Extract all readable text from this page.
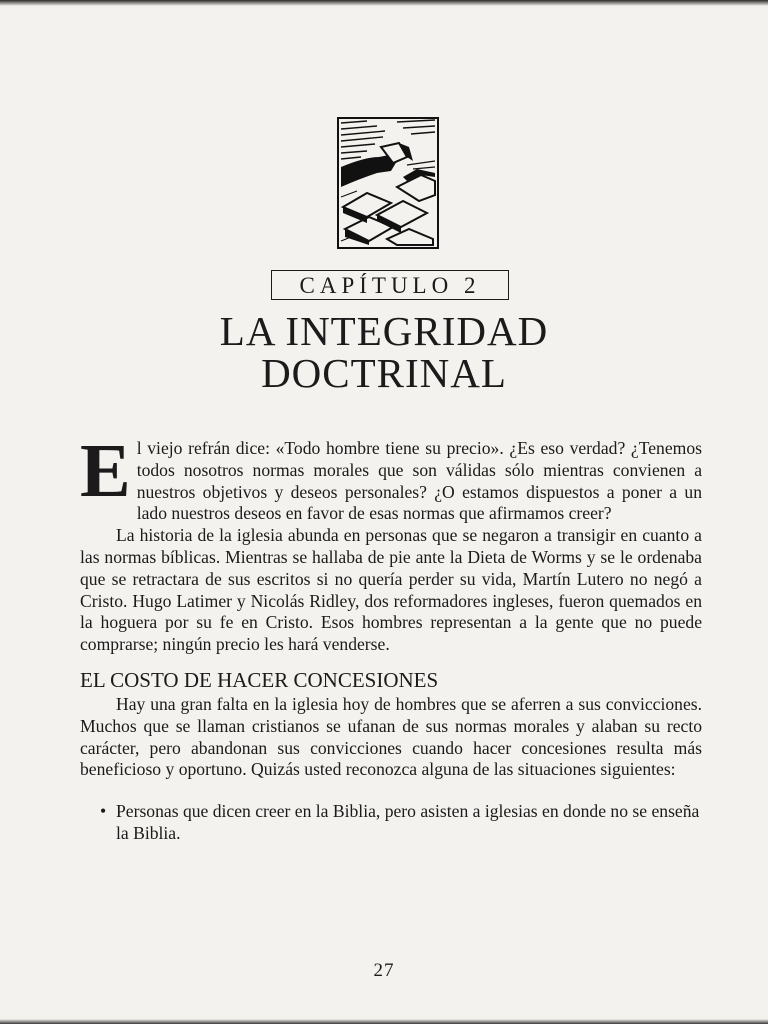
CAPÍTULO 2
LA INTEGRIDAD
DOCTRINAL

El viejo refrán dice: «Todo hombre tiene su precio». ¿Es eso verdad? ¿Tenemos todos nosotros normas morales que son válidas sólo mientras convienen a nuestros objetivos y deseos personales? ¿O estamos dispuestos a poner a un lado nuestros deseos en favor de esas normas que afirmamos creer?

La historia de la iglesia abunda en personas que se negaron a transigir en cuanto a las normas bíblicas. Mientras se hallaba de pie ante la Dieta de Worms y se le ordenaba que se retractara de sus escritos si no quería perder su vida, Martín Lutero no negó a Cristo. Hugo Latimer y Nicolás Ridley, dos reformadores ingleses, fueron quemados en la hoguera por su fe en Cristo. Esos hombres representan a la gente que no puede comprarse; ningún precio les hará venderse.

EL COSTO DE HACER CONCESIONES

Hay una gran falta en la iglesia hoy de hombres que se aferren a sus convicciones. Muchos que se llaman cristianos se ufanan de sus normas morales y alaban su recto carácter, pero abandonan sus convicciones cuando hacer concesiones resulta más beneficioso y oportuno. Quizás usted reconozca alguna de las situaciones siguientes:

• Personas que dicen creer en la Biblia, pero asisten a iglesias en donde no se enseña la Biblia.
27
